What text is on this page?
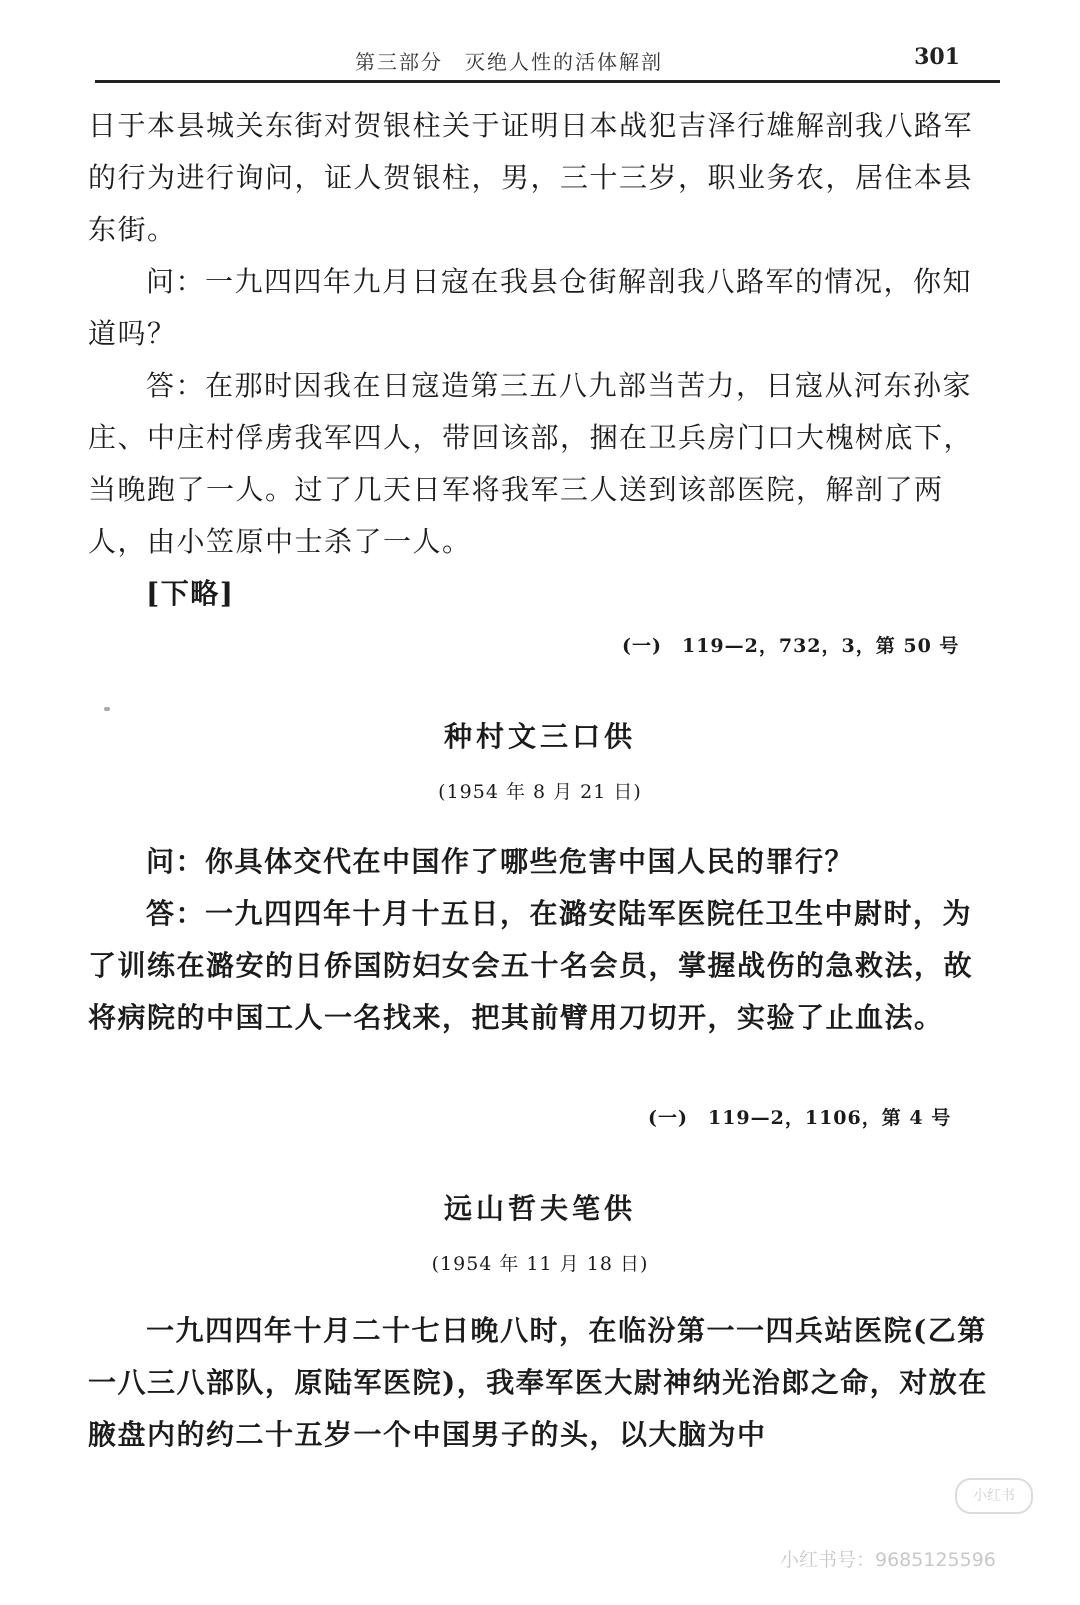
第三部分　灭绝人性的活体解剖	301

日于本县城关东街对贺银柱关于证明日本战犯吉泽行雄解剖我八路军的行为进行询问，证人贺银柱，男，三十三岁，职业务农，居住本县东街。

问：一九四四年九月日寇在我县仓街解剖我八路军的情况，你知道吗？

答：在那时因我在日寇造第三五八九部当苦力，日寇从河东孙家庄、中庄村俘虏我军四人，带回该部，捆在卫兵房门口大槐树底下，当晚跑了一人。过了几天日军将我军三人送到该部医院，解剖了两人，由小笠原中士杀了一人。

[下略]
(一)　119—2，732，3，第 50 号
种村文三口供
(1954 年 8 月 21 日)

问：你具体交代在中国作了哪些危害中国人民的罪行？

答：一九四四年十月十五日，在潞安陆军医院任卫生中尉时，为了训练在潞安的日侨国防妇女会五十名会员，掌握战伤的急救法，故将病院的中国工人一名找来，把其前臂用刀切开，实验了止血法。

(一)　119—2，1106，第 4 号
远山哲夫笔供
(1954 年 11 月 18 日)

一九四四年十月二十七日晚八时，在临汾第一一四兵站医院(乙第一八三八部队，原陆军医院)，我奉军医大尉神纳光治郎之命，对放在腋盘内的约二十五岁一个中国男子的头，以大脑为中

小红书
小红书号：9685125596
